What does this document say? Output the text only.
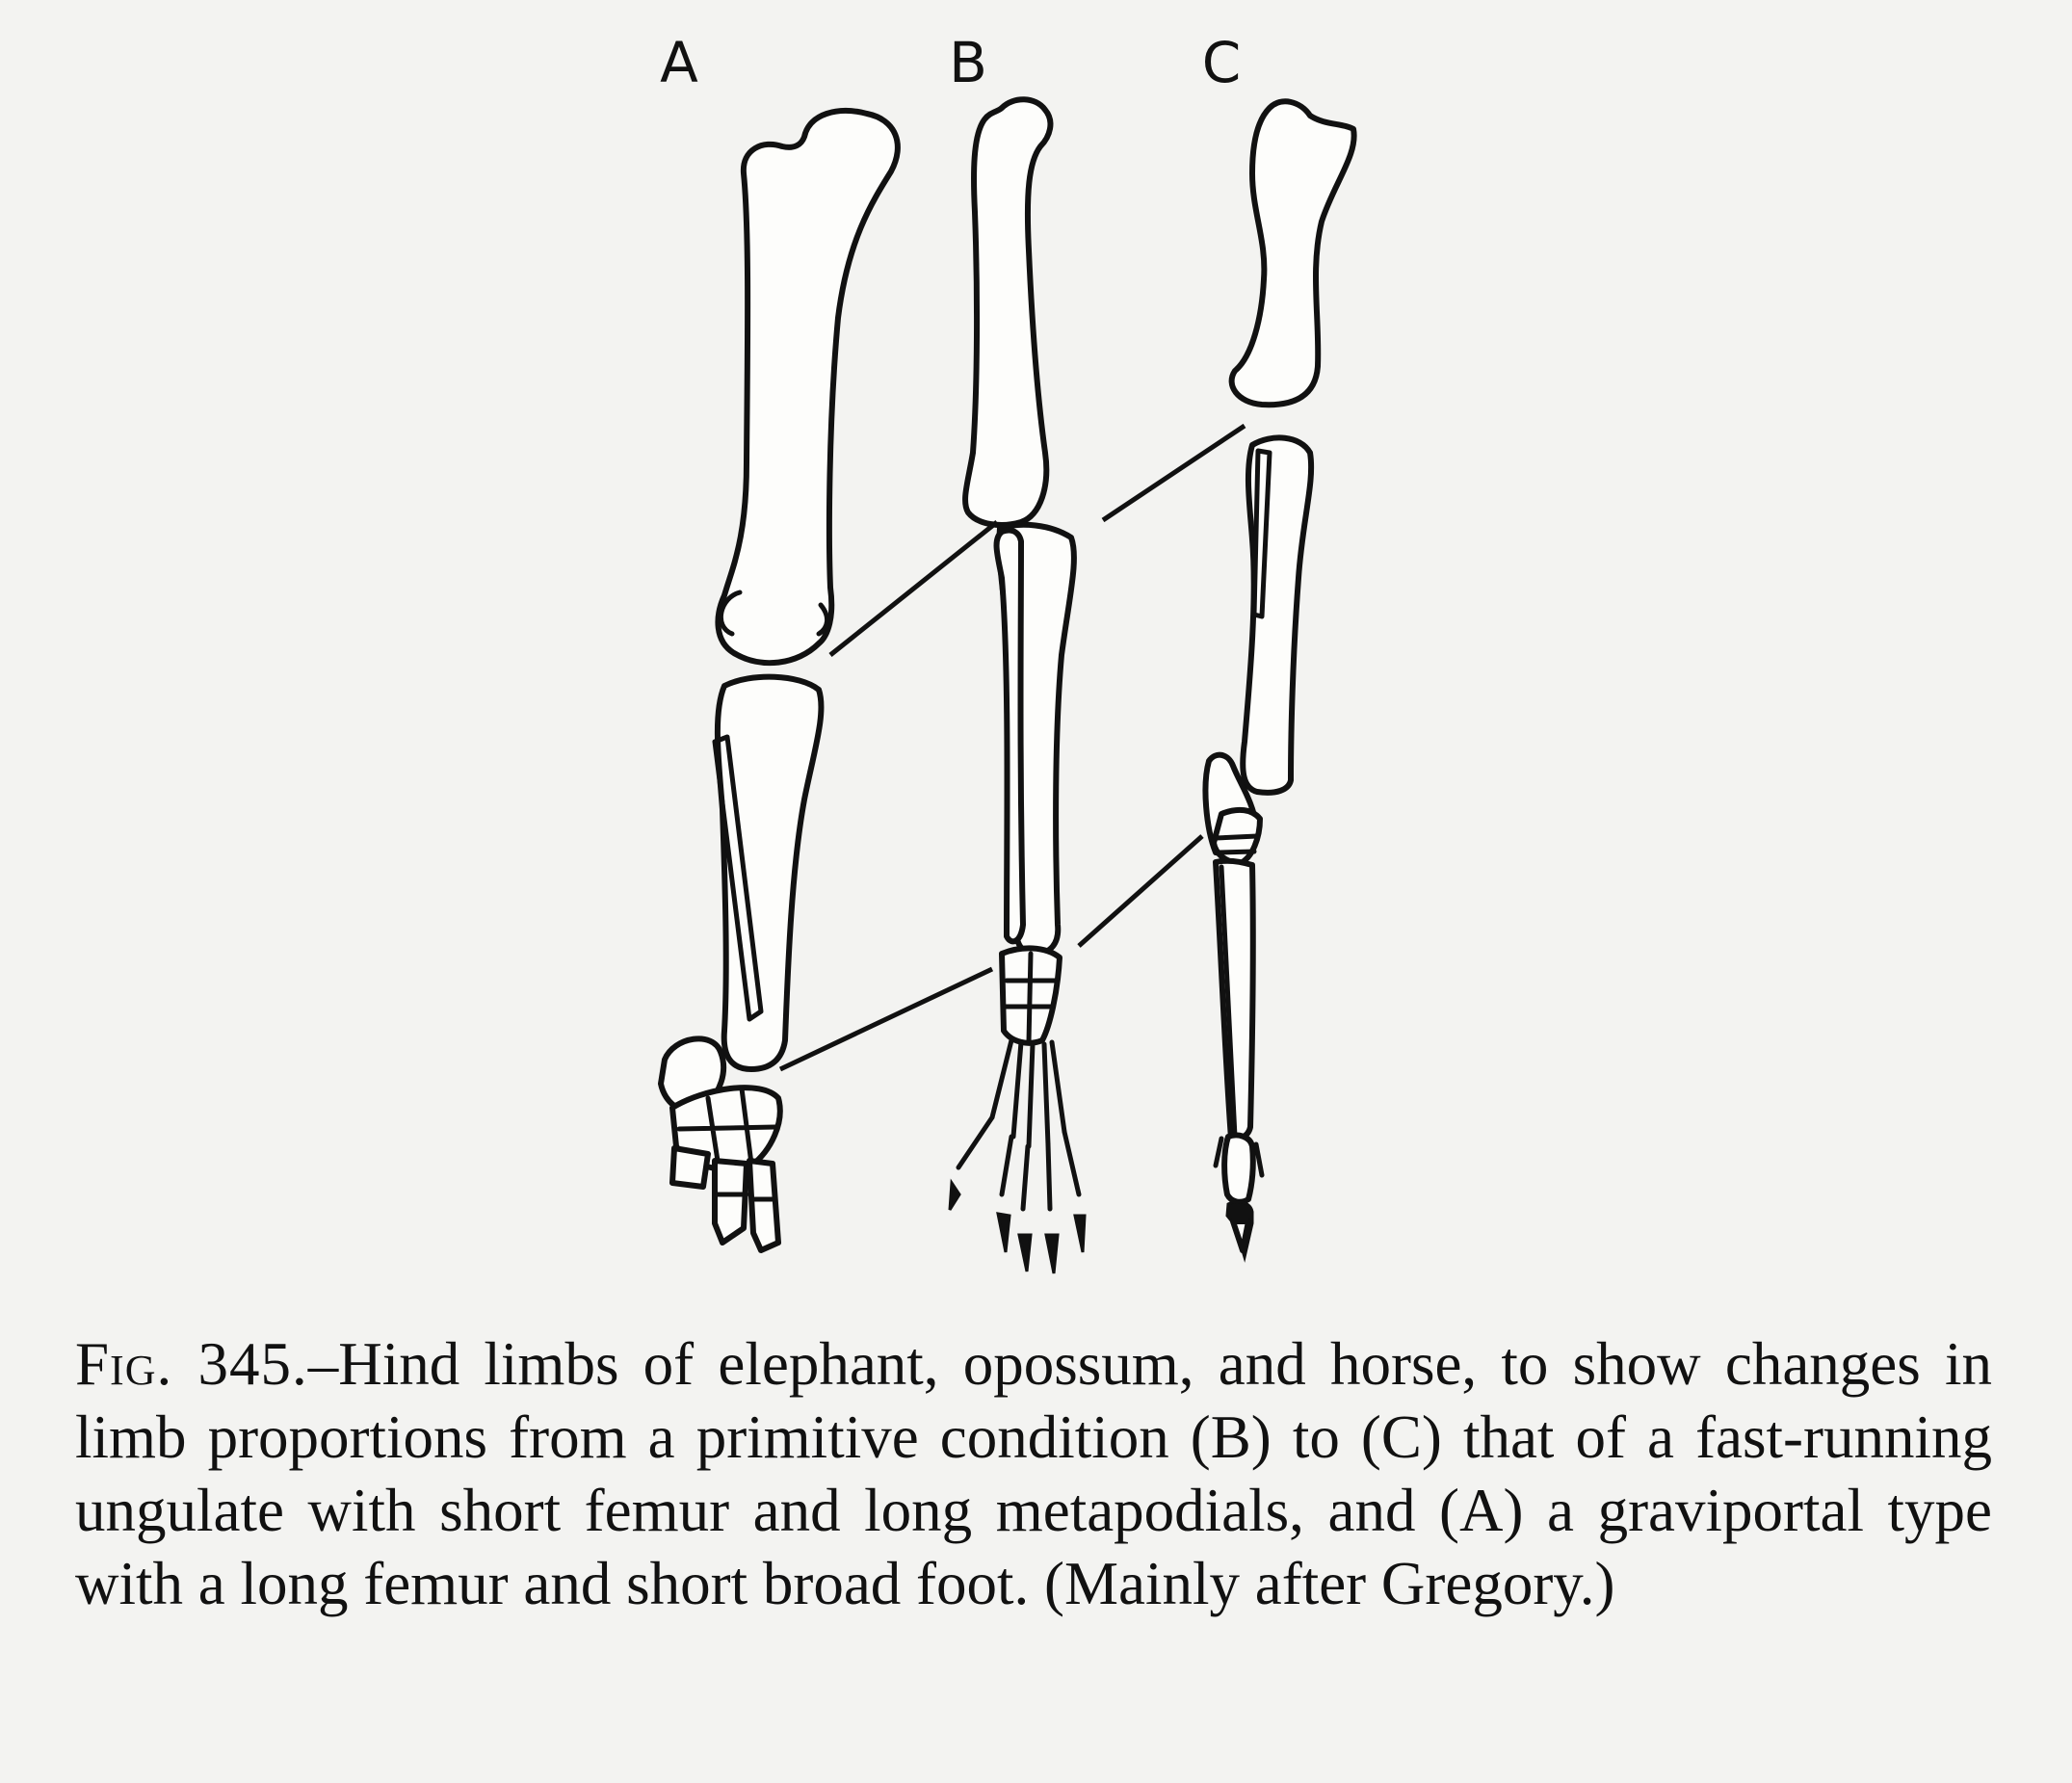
A	B	C

Fig. 345.–Hind limbs of elephant, opossum, and horse, to show changes in limb proportions from a primitive condition (B) to (C) that of a fast-running ungulate with short femur and long metapodials, and (A) a graviportal type with a long femur and short broad foot. (Mainly after Gregory.)
